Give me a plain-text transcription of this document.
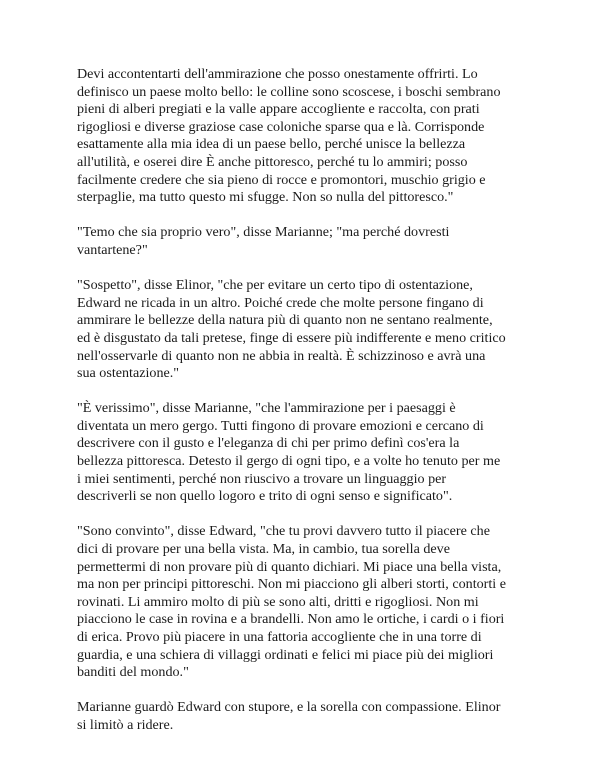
Devi accontentarti dell'ammirazione che posso onestamente offrirti. Lo
definisco un paese molto bello: le colline sono scoscese, i boschi sembrano
pieni di alberi pregiati e la valle appare accogliente e raccolta, con prati
rigogliosi e diverse graziose case coloniche sparse qua e là. Corrisponde
esattamente alla mia idea di un paese bello, perché unisce la bellezza
all'utilità, e oserei dire È anche pittoresco, perché tu lo ammiri; posso
facilmente credere che sia pieno di rocce e promontori, muschio grigio e
sterpaglie, ma tutto questo mi sfugge. Non so nulla del pittoresco."

"Temo che sia proprio vero", disse Marianne; "ma perché dovresti
vantartene?"

"Sospetto", disse Elinor, "che per evitare un certo tipo di ostentazione,
Edward ne ricada in un altro. Poiché crede che molte persone fingano di
ammirare le bellezze della natura più di quanto non ne sentano realmente,
ed è disgustato da tali pretese, finge di essere più indifferente e meno critico
nell'osservarle di quanto non ne abbia in realtà. È schizzinoso e avrà una
sua ostentazione."

"È verissimo", disse Marianne, "che l'ammirazione per i paesaggi è
diventata un mero gergo. Tutti fingono di provare emozioni e cercano di
descrivere con il gusto e l'eleganza di chi per primo definì cos'era la
bellezza pittoresca. Detesto il gergo di ogni tipo, e a volte ho tenuto per me
i miei sentimenti, perché non riuscivo a trovare un linguaggio per
descriverli se non quello logoro e trito di ogni senso e significato".

"Sono convinto", disse Edward, "che tu provi davvero tutto il piacere che
dici di provare per una bella vista. Ma, in cambio, tua sorella deve
permettermi di non provare più di quanto dichiari. Mi piace una bella vista,
ma non per principi pittoreschi. Non mi piacciono gli alberi storti, contorti e
rovinati. Li ammiro molto di più se sono alti, dritti e rigogliosi. Non mi
piacciono le case in rovina e a brandelli. Non amo le ortiche, i cardi o i fiori
di erica. Provo più piacere in una fattoria accogliente che in una torre di
guardia, e una schiera di villaggi ordinati e felici mi piace più dei migliori
banditi del mondo."

Marianne guardò Edward con stupore, e la sorella con compassione. Elinor
si limitò a ridere.
